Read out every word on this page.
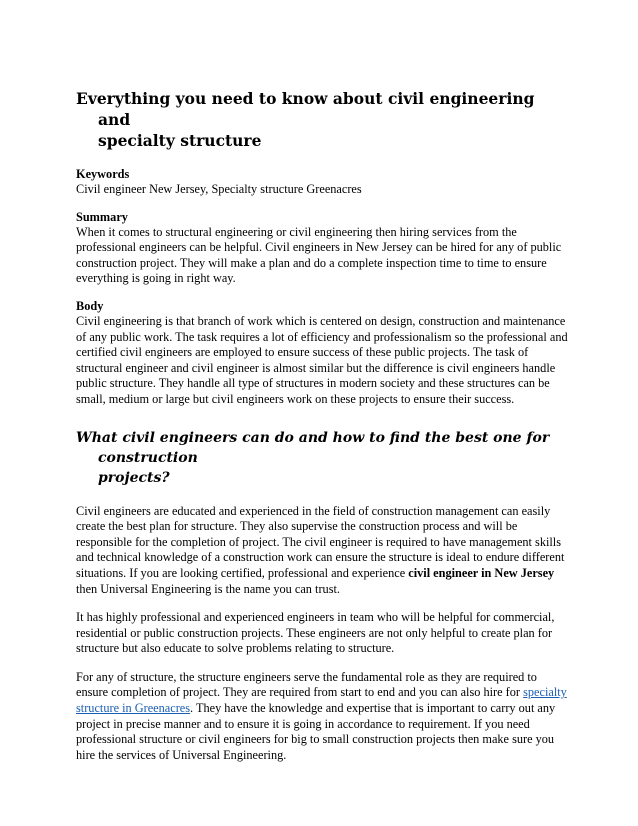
Everything you need to know about civil engineering and
specialty structure
Keywords

Civil engineer New Jersey, Specialty structure Greenacres

Summary

When it comes to structural engineering or civil engineering then hiring services from the professional engineers can be helpful. Civil engineers in New Jersey can be hired for any of public construction project. They will make a plan and do a complete inspection time to time to ensure everything is going in right way.

Body

Civil engineering is that branch of work which is centered on design, construction and maintenance of any public work. The task requires a lot of efficiency and professionalism so the professional and certified civil engineers are employed to ensure success of these public projects. The task of structural engineer and civil engineer is almost similar but the difference is civil engineers handle public structure. They handle all type of structures in modern society and these structures can be small, medium or large but civil engineers work on these projects to ensure their success.

What civil engineers can do and how to find the best one for construction
projects?

Civil engineers are educated and experienced in the field of construction management can easily create the best plan for structure. They also supervise the construction process and will be responsible for the completion of project. The civil engineer is required to have management skills and technical knowledge of a construction work can ensure the structure is ideal to endure different situations. If you are looking certified, professional and experience civil engineer in New Jersey then Universal Engineering is the name you can trust.

It has highly professional and experienced engineers in team who will be helpful for commercial, residential or public construction projects. These engineers are not only helpful to create plan for structure but also educate to solve problems relating to structure.

For any of structure, the structure engineers serve the fundamental role as they are required to ensure completion of project. They are required from start to end and you can also hire for specialty structure in Greenacres. They have the knowledge and expertise that is important to carry out any project in precise manner and to ensure it is going in accordance to requirement. If you need professional structure or civil engineers for big to small construction projects then make sure you hire the services of Universal Engineering.
